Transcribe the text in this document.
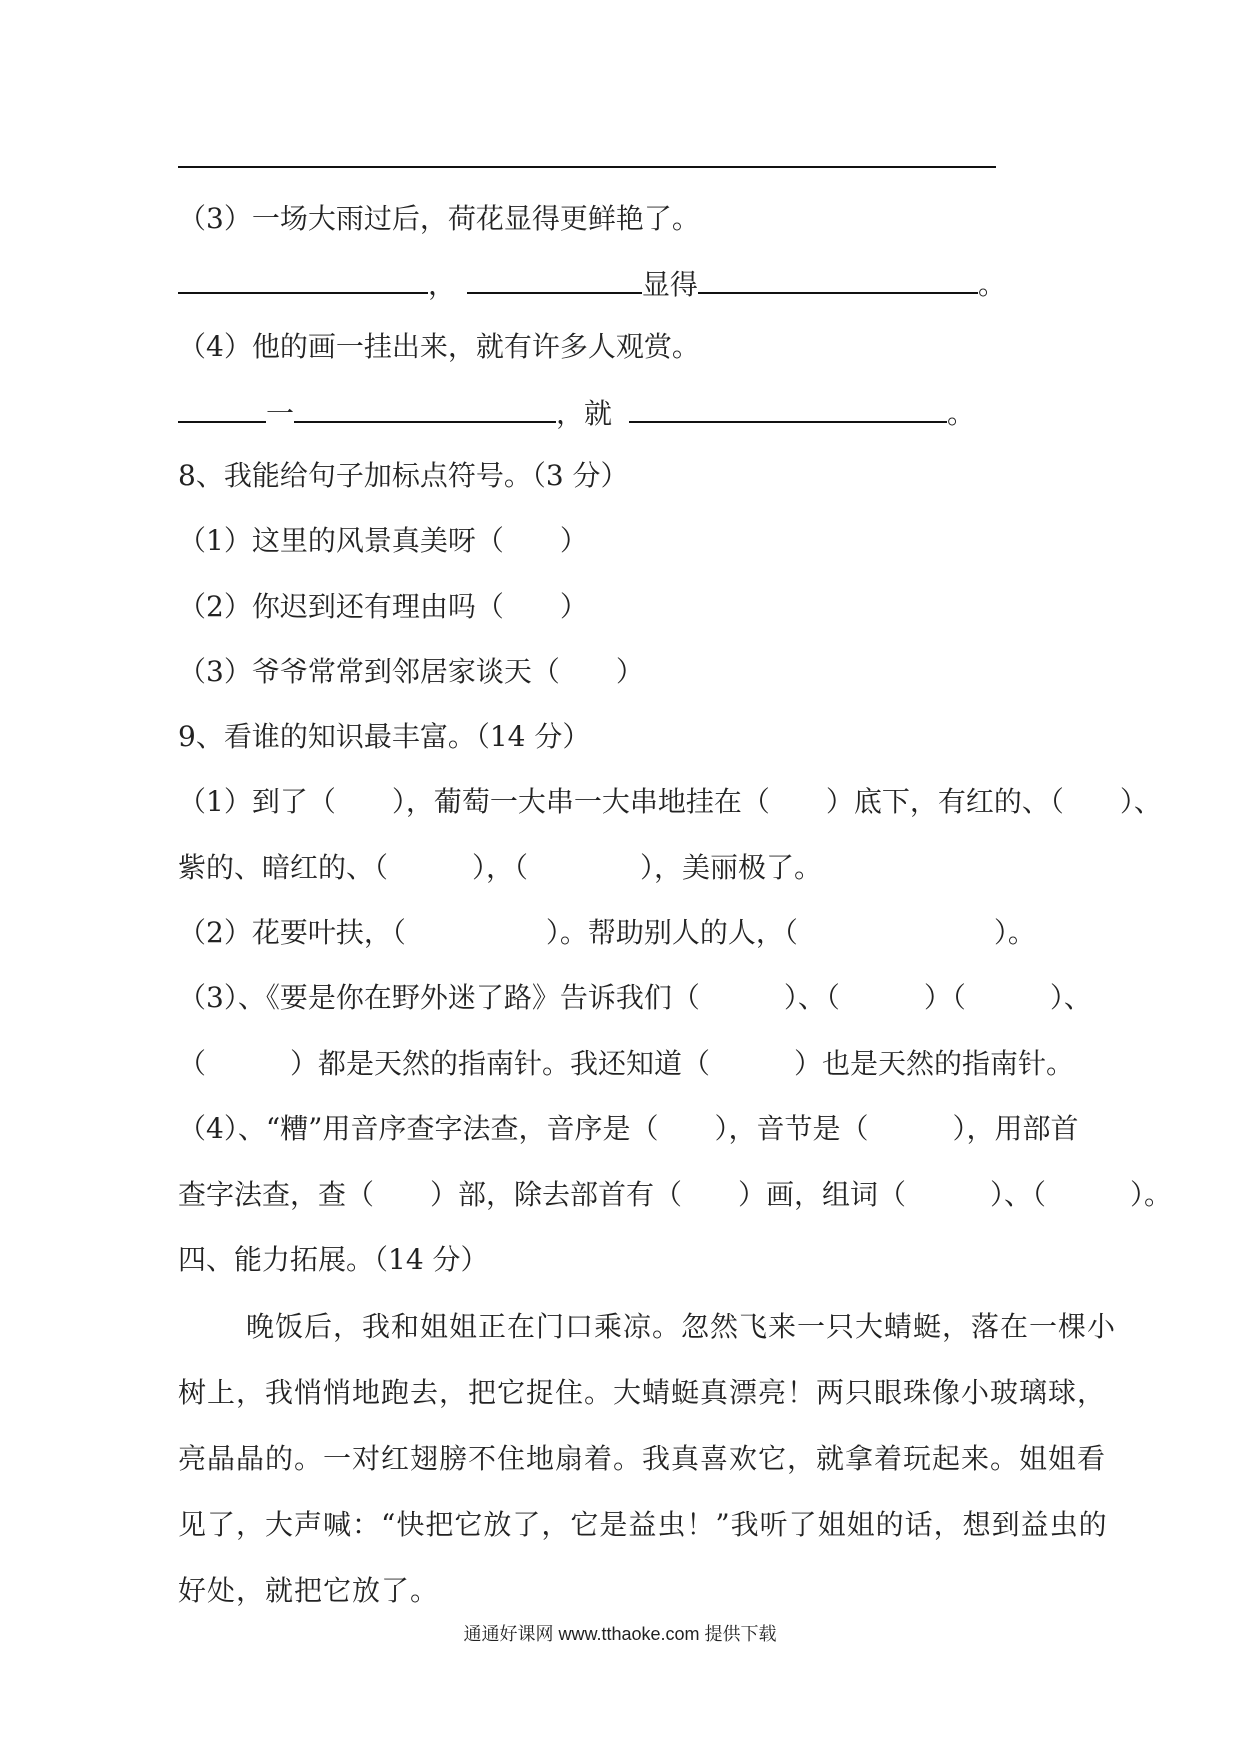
（3）一场大雨过后，荷花显得更鲜艳了。
，	显得	。
（4）他的画一挂出来，就有许多人观赏。
一	，就	。
8、我能给句子加标点符号。（3 分）
（1）这里的风景真美呀（　　）
（2）你迟到还有理由吗（　　）
（3）爷爷常常到邻居家谈天（　　）
9、看谁的知识最丰富。（14 分）
（1）到了（　　），葡萄一大串一大串地挂在（　　）底下，有红的、（　　）、
紫的、暗红的、（　　　），（　　　　），美丽极了。
（2）花要叶扶，（　　　　　）。帮助别人的人，（　　　　　　　）。
（3）、《要是你在野外迷了路》告诉我们（　　　）、（　　　）（　　　）、
（　　　）都是天然的指南针。我还知道（　　　）也是天然的指南针。
（4）、“糟”用音序查字法查，音序是（　　），音节是（　　　），用部首
查字法查，查（　　）部，除去部首有（　　）画，组词（　　　）、（　　　）。
四、能力拓展。（14 分）
晚饭后，我和姐姐正在门口乘凉。忽然飞来一只大蜻蜓，落在一棵小树上，我悄悄地跑去，把它捉住。大蜻蜓真漂亮！两只眼珠像小玻璃球，亮晶晶的。一对红翅膀不住地扇着。我真喜欢它，就拿着玩起来。姐姐看见了，大声喊：“快把它放了，它是益虫！”我听了姐姐的话，想到益虫的好处，就把它放了。
通通好课网 www.tthaoke.com 提供下载
